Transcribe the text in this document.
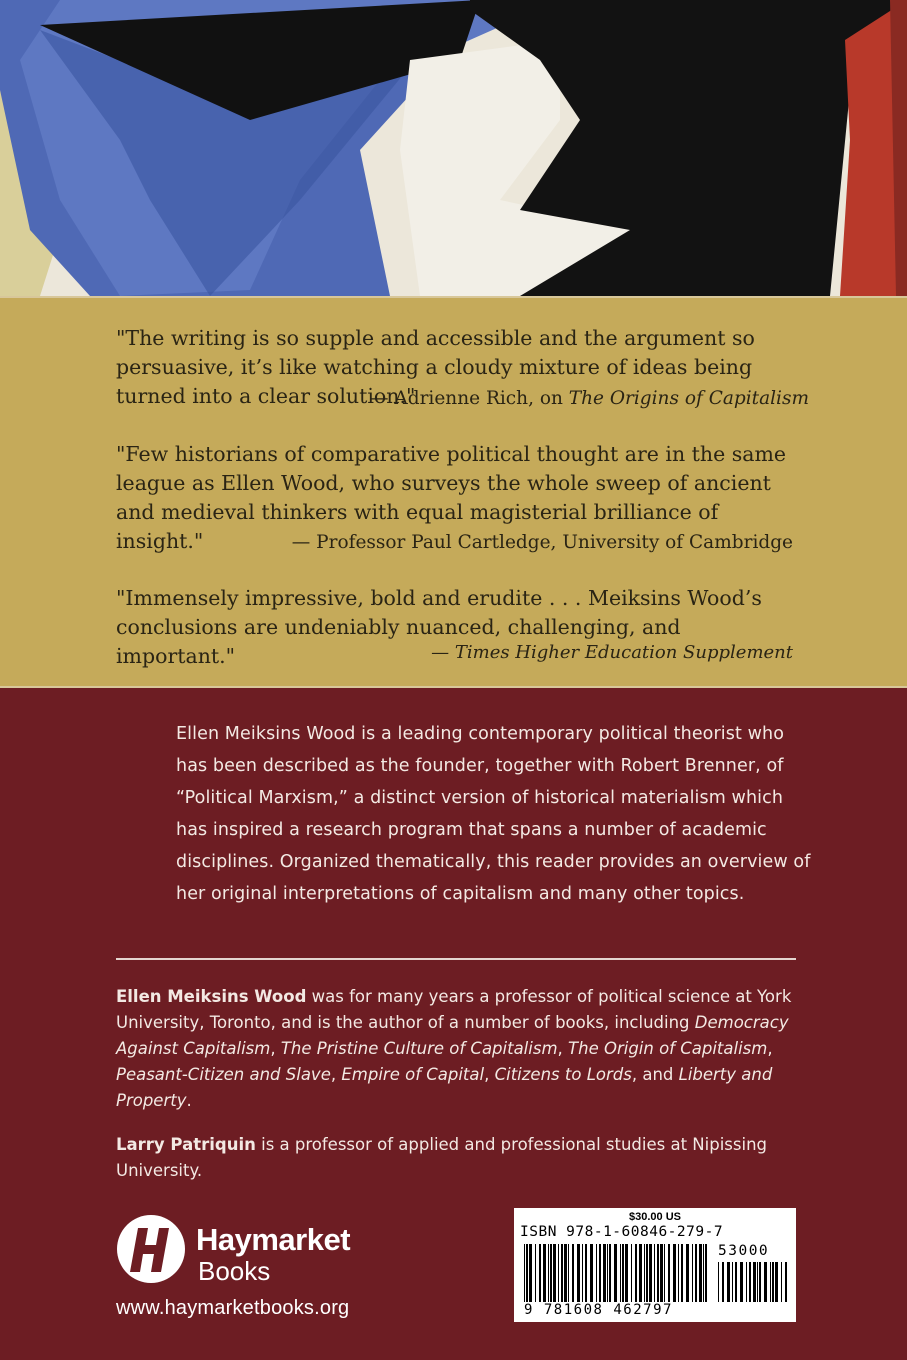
"The writing is so supple and accessible and the argument so persuasive, it’s like watching a cloudy mixture of ideas being turned into a clear solution."

— Adrienne Rich, on The Origins of Capitalism

"Few historians of comparative political thought are in the same league as Ellen Wood, who surveys the whole sweep of ancient and medieval thinkers with equal magisterial brilliance of insight."	— Professor Paul Cartledge, University of Cambridge

"Immensely impressive, bold and erudite . . . Meiksins Wood’s conclusions are undeniably nuanced, challenging, and important."	— Times Higher Education Supplement

Ellen Meiksins Wood is a leading contemporary political theorist who has been described as the founder, together with Robert Brenner, of “Political Marxism,” a distinct version of historical materialism which has inspired a research program that spans a number of academic disciplines. Organized thematically, this reader provides an overview of her original interpretations of capitalism and many other topics.

Ellen Meiksins Wood was for many years a professor of political science at York University, Toronto, and is the author of a number of books, including Democracy Against Capitalism, The Pristine Culture of Capitalism, The Origin of Capitalism, Peasant-Citizen and Slave, Empire of Capital, Citizens to Lords, and Liberty and Property.

Larry Patriquin is a professor of applied and professional studies at Nipissing University.

Haymarket
Books
www.haymarketbooks.org
$30.00 US
ISBN 978-1-60846-279-7
53000
9 781608 462797
